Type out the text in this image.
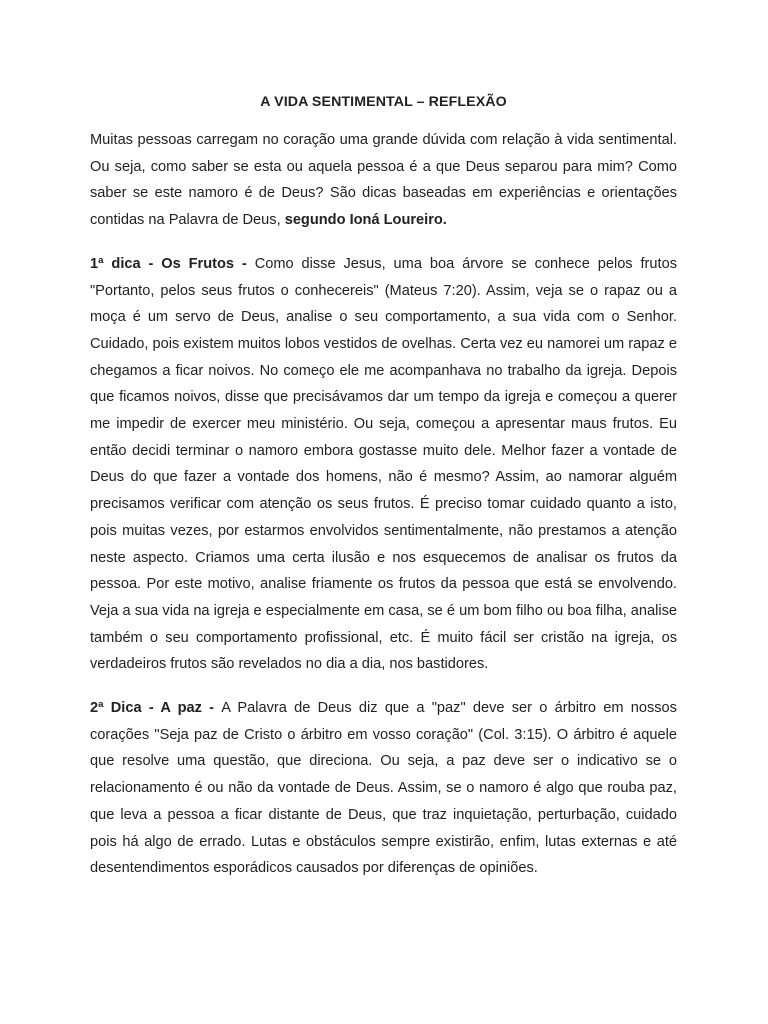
A VIDA SENTIMENTAL – REFLEXÃO

Muitas pessoas carregam no coração uma grande dúvida com relação à vida sentimental. Ou seja, como saber se esta ou aquela pessoa é a que Deus separou para mim? Como saber se este namoro é de Deus? São dicas baseadas em experiências e orientações contidas na Palavra de Deus, segundo Ioná Loureiro.

1ª dica - Os Frutos - Como disse Jesus, uma boa árvore se conhece pelos frutos "Portanto, pelos seus frutos o conhecereis" (Mateus 7:20). Assim, veja se o rapaz ou a moça é um servo de Deus, analise o seu comportamento, a sua vida com o Senhor. Cuidado, pois existem muitos lobos vestidos de ovelhas. Certa vez eu namorei um rapaz e chegamos a ficar noivos. No começo ele me acompanhava no trabalho da igreja. Depois que ficamos noivos, disse que precisávamos dar um tempo da igreja e começou a querer me impedir de exercer meu ministério. Ou seja, começou a apresentar maus frutos. Eu então decidi terminar o namoro embora gostasse muito dele. Melhor fazer a vontade de Deus do que fazer a vontade dos homens, não é mesmo? Assim, ao namorar alguém precisamos verificar com atenção os seus frutos. É preciso tomar cuidado quanto a isto, pois muitas vezes, por estarmos envolvidos sentimentalmente, não prestamos a atenção neste aspecto. Criamos uma certa ilusão e nos esquecemos de analisar os frutos da pessoa. Por este motivo, analise friamente os frutos da pessoa que está se envolvendo. Veja a sua vida na igreja e especialmente em casa, se é um bom filho ou boa filha, analise também o seu comportamento profissional, etc. É muito fácil ser cristão na igreja, os verdadeiros frutos são revelados no dia a dia, nos bastidores.

2ª Dica - A paz - A Palavra de Deus diz que a "paz" deve ser o árbitro em nossos corações "Seja paz de Cristo o árbitro em vosso coração" (Col. 3:15). O árbitro é aquele que resolve uma questão, que direciona. Ou seja, a paz deve ser o indicativo se o relacionamento é ou não da vontade de Deus. Assim, se o namoro é algo que rouba paz, que leva a pessoa a ficar distante de Deus, que traz inquietação, perturbação, cuidado pois há algo de errado. Lutas e obstáculos sempre existirão, enfim, lutas externas e até desentendimentos esporádicos causados por diferenças de opiniões.
